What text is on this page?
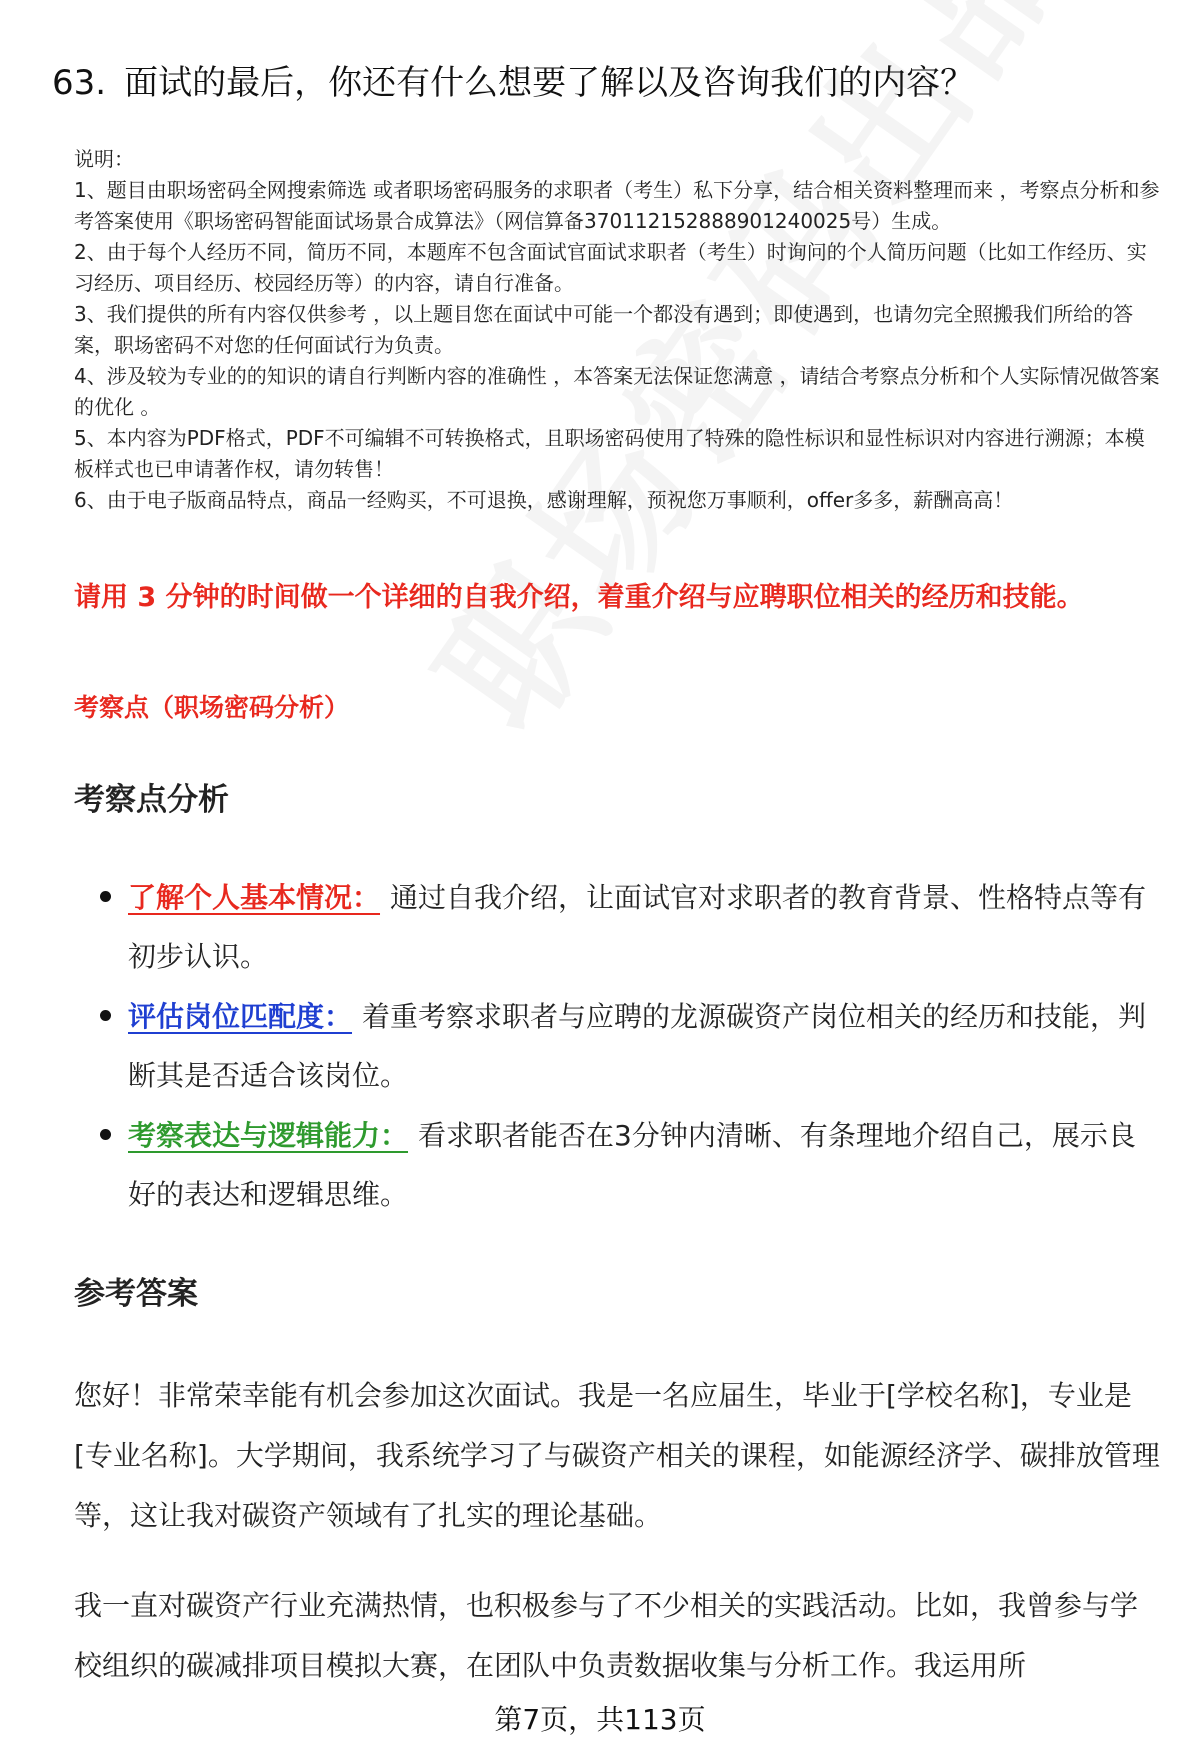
63. 面试的最后，你还有什么想要了解以及咨询我们的内容？

说明：

1、题目由职场密码全网搜索筛选 或者职场密码服务的求职者（考生）私下分享，结合相关资料整理而来 ，考察点分析和参考答案使用《职场密码智能面试场景合成算法》（网信算备370112152888901240025号）生成。

2、由于每个人经历不同，简历不同，本题库不包含面试官面试求职者（考生）时询问的个人简历问题（比如工作经历、实习经历、项目经历、校园经历等）的内容，请自行准备。

3、我们提供的所有内容仅供参考 ，以上题目您在面试中可能一个都没有遇到；即使遇到，也请勿完全照搬我们所给的答案，职场密码不对您的任何面试行为负责。

4、涉及较为专业的的知识的请自行判断内容的准确性 ，本答案无法保证您满意 ，请结合考察点分析和个人实际情况做答案的优化 。

5、本内容为PDF格式，PDF不可编辑不可转换格式，且职场密码使用了特殊的隐性标识和显性标识对内容进行溯源；本模板样式也已申请著作权，请勿转售！

6、由于电子版商品特点，商品一经购买，不可退换，感谢理解，预祝您万事顺利，offer多多，薪酬高高！

请用 3 分钟的时间做一个详细的自我介绍，着重介绍与应聘职位相关的经历和技能。

考察点（职场密码分析）

考察点分析
了解个人基本情况： 通过自我介绍，让面试官对求职者的教育背景、性格特点等有初步认识。
评估岗位匹配度： 着重考察求职者与应聘的龙源碳资产岗位相关的经历和技能，判断其是否适合该岗位。
考察表达与逻辑能力： 看求职者能否在3分钟内清晰、有条理地介绍自己，展示良好的表达和逻辑思维。
参考答案

您好！非常荣幸能有机会参加这次面试。我是一名应届生，毕业于[学校名称]，专业是[专业名称]。大学期间，我系统学习了与碳资产相关的课程，如能源经济学、碳排放管理等，这让我对碳资产领域有了扎实的理论基础。

我一直对碳资产行业充满热情，也积极参与了不少相关的实践活动。比如，我曾参与学校组织的碳减排项目模拟大赛，在团队中负责数据收集与分析工作。我运用所

第7页，共113页
